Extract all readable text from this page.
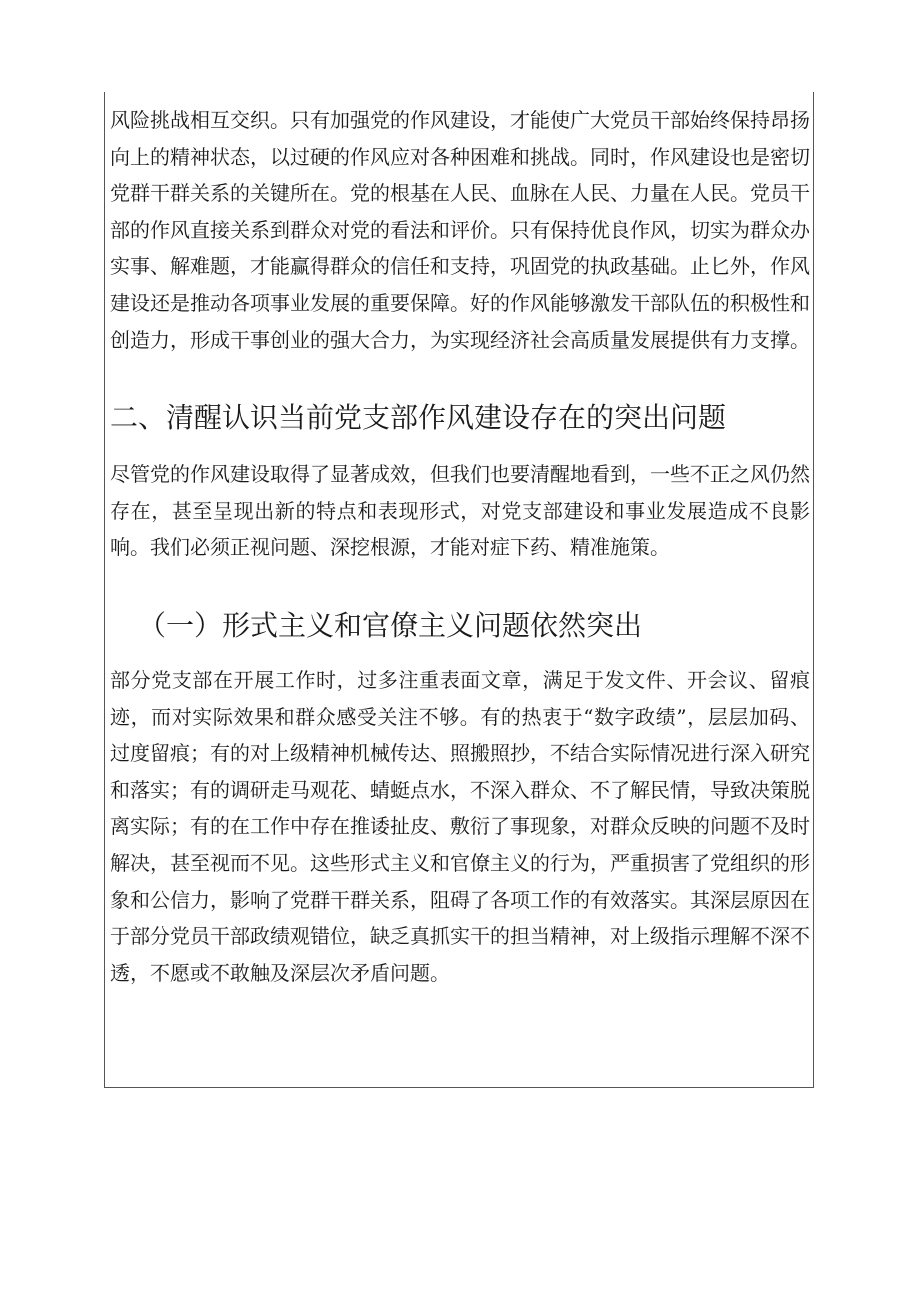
风险挑战相互交织。只有加强党的作风建设，才能使广大党员干部始终保持昂扬向上的精神状态，以过硬的作风应对各种困难和挑战。同时，作风建设也是密切党群干群关系的关键所在。党的根基在人民、血脉在人民、力量在人民。党员干部的作风直接关系到群众对党的看法和评价。只有保持优良作风，切实为群众办实事、解难题，才能赢得群众的信任和支持，巩固党的执政基础。止匕外，作风建设还是推动各项事业发展的重要保障。好的作风能够激发干部队伍的积极性和创造力，形成干事创业的强大合力，为实现经济社会高质量发展提供有力支撑。

二、清醒认识当前党支部作风建设存在的突出问题

尽管党的作风建设取得了显著成效，但我们也要清醒地看到，一些不正之风仍然存在，甚至呈现出新的特点和表现形式，对党支部建设和事业发展造成不良影响。我们必须正视问题、深挖根源，才能对症下药、精准施策。

（一）形式主义和官僚主义问题依然突出

部分党支部在开展工作时，过多注重表面文章，满足于发文件、开会议、留痕迹，而对实际效果和群众感受关注不够。有的热衷于“数字政绩”，层层加码、过度留痕；有的对上级精神机械传达、照搬照抄，不结合实际情况进行深入研究和落实；有的调研走马观花、蜻蜓点水，不深入群众、不了解民情，导致决策脱离实际；有的在工作中存在推诿扯皮、敷衍了事现象，对群众反映的问题不及时解决，甚至视而不见。这些形式主义和官僚主义的行为，严重损害了党组织的形象和公信力，影响了党群干群关系，阻碍了各项工作的有效落实。其深层原因在于部分党员干部政绩观错位，缺乏真抓实干的担当精神，对上级指示理解不深不透，不愿或不敢触及深层次矛盾问题。
